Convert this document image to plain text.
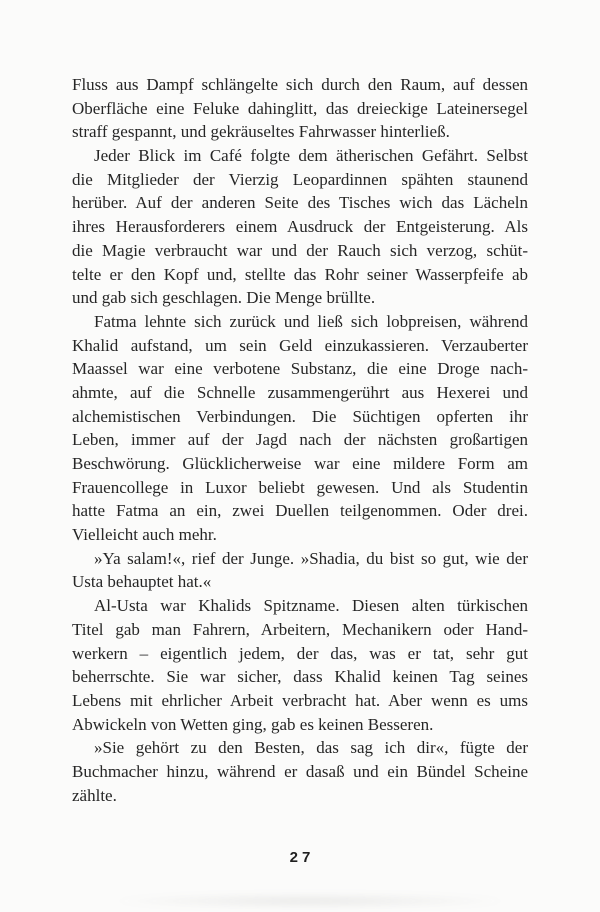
Fluss aus Dampf schlängelte sich durch den Raum, auf dessen
Oberfläche eine Feluke dahinglitt, das dreieckige Lateinersegel
straff gespannt, und gekräuseltes Fahrwasser hinterließ.
Jeder Blick im Café folgte dem ätherischen Gefährt. Selbst
die Mitglieder der Vierzig Leopardinnen spähten staunend
herüber. Auf der anderen Seite des Tisches wich das Lächeln
ihres Herausforderers einem Ausdruck der Entgeisterung. Als
die Magie verbraucht war und der Rauch sich verzog, schüt-
telte er den Kopf und, stellte das Rohr seiner Wasserpfeife ab
und gab sich geschlagen. Die Menge brüllte.
Fatma lehnte sich zurück und ließ sich lobpreisen, während
Khalid aufstand, um sein Geld einzukassieren. Verzauberter
Maassel war eine verbotene Substanz, die eine Droge nach-
ahmte, auf die Schnelle zusammengerührt aus Hexerei und
alchemistischen Verbindungen. Die Süchtigen opferten ihr
Leben, immer auf der Jagd nach der nächsten großartigen
Beschwörung. Glücklicherweise war eine mildere Form am
Frauencollege in Luxor beliebt gewesen. Und als Studentin
hatte Fatma an ein, zwei Duellen teilgenommen. Oder drei.
Vielleicht auch mehr.
»Ya salam!«, rief der Junge. »Shadia, du bist so gut, wie der
Usta behauptet hat.«
Al-Usta war Khalids Spitzname. Diesen alten türkischen
Titel gab man Fahrern, Arbeitern, Mechanikern oder Hand-
werkern – eigentlich jedem, der das, was er tat, sehr gut
beherrschte. Sie war sicher, dass Khalid keinen Tag seines
Lebens mit ehrlicher Arbeit verbracht hat. Aber wenn es ums
Abwickeln von Wetten ging, gab es keinen Besseren.
»Sie gehört zu den Besten, das sag ich dir«, fügte der
Buchmacher hinzu, während er dasaß und ein Bündel Scheine
zählte.
27
